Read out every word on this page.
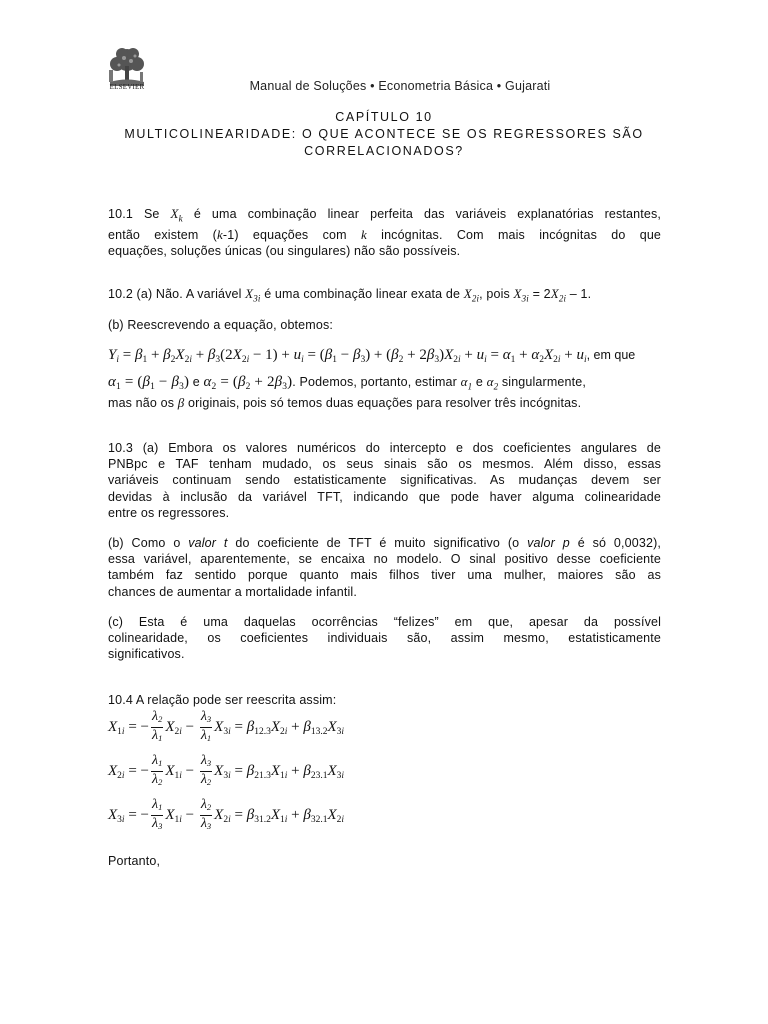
ELSEVIER	Manual de Soluções • Econometria Básica • Gujarati
CAPÍTULO 10
MULTICOLINEARIDADE: O QUE ACONTECE SE OS REGRESSORES SÃO
CORRELACIONADOS?
10.1 Se $X_k$ é uma combinação linear perfeita das variáveis explanatórias restantes,
então existem (k-1) equações com k incógnitas. Com mais incógnitas do que
equações, soluções únicas (ou singulares) não são possíveis.
10.2 (a) Não. A variável $X_{3i}$ é uma combinação linear exata de $X_{2i}$, pois $X_{3i} = 2X_{2i} - 1$.
(b) Reescrevendo a equação, obtemos:
$Y_i = \beta_1 + \beta_2X_{2i} + \beta_3(2X_{2i} - 1) + u_i = (\beta_1 - \beta_3) + (\beta_2 + 2\beta_3)X_{2i} + u_i = \alpha_1 + \alpha_2X_{2i} + u_i$, em que
$\alpha_1 = (\beta_1 - \beta_3)$ e $\alpha_2 = (\beta_2 + 2\beta_3)$. Podemos, portanto, estimar $\alpha_1$ e $\alpha_2$ singularmente,
mas não os β originais, pois só temos duas equações para resolver três incógnitas.
10.3 (a) Embora os valores numéricos do intercepto e dos coeficientes angulares de
PNBpc e TAF tenham mudado, os seus sinais são os mesmos. Além disso, essas
variáveis continuam sendo estatisticamente significativas. As mudanças devem ser
devidas à inclusão da variável TFT, indicando que pode haver alguma colinearidade
entre os regressores.
(b) Como o valor t do coeficiente de TFT é muito significativo (o valor p é só 0,0032),
essa variável, aparentemente, se encaixa no modelo. O sinal positivo desse coeficiente
também faz sentido porque quanto mais filhos tiver uma mulher, maiores são as
chances de aumentar a mortalidade infantil.
(c) Esta é uma daquelas ocorrências “felizes” em que, apesar da possível
colinearidade, os coeficientes individuais são, assim mesmo, estatisticamente
significativos.
10.4 A relação pode ser reescrita assim:
$X_{1i}$ = − $\frac{\lambda_2}{\lambda_1} X_{2i} - \frac{\lambda_3}{\lambda_1} X_{3i} = \beta_{12.3}X_{2i} + \beta_{13.2}X_{3i}$
$X_{2i}$ = − $\frac{\lambda_1}{\lambda_2} X_{1i} - \frac{\lambda_3}{\lambda_2} X_{3i} = \beta_{21.3}X_{1i} + \beta_{23.1}X_{3i}$
$X_{3i}$ = − $\frac{\lambda_1}{\lambda_3} X_{1i} - \frac{\lambda_2}{\lambda_3} X_{2i} = \beta_{31.2}X_{1i} + \beta_{32.1}X_{2i}$
Portanto,
